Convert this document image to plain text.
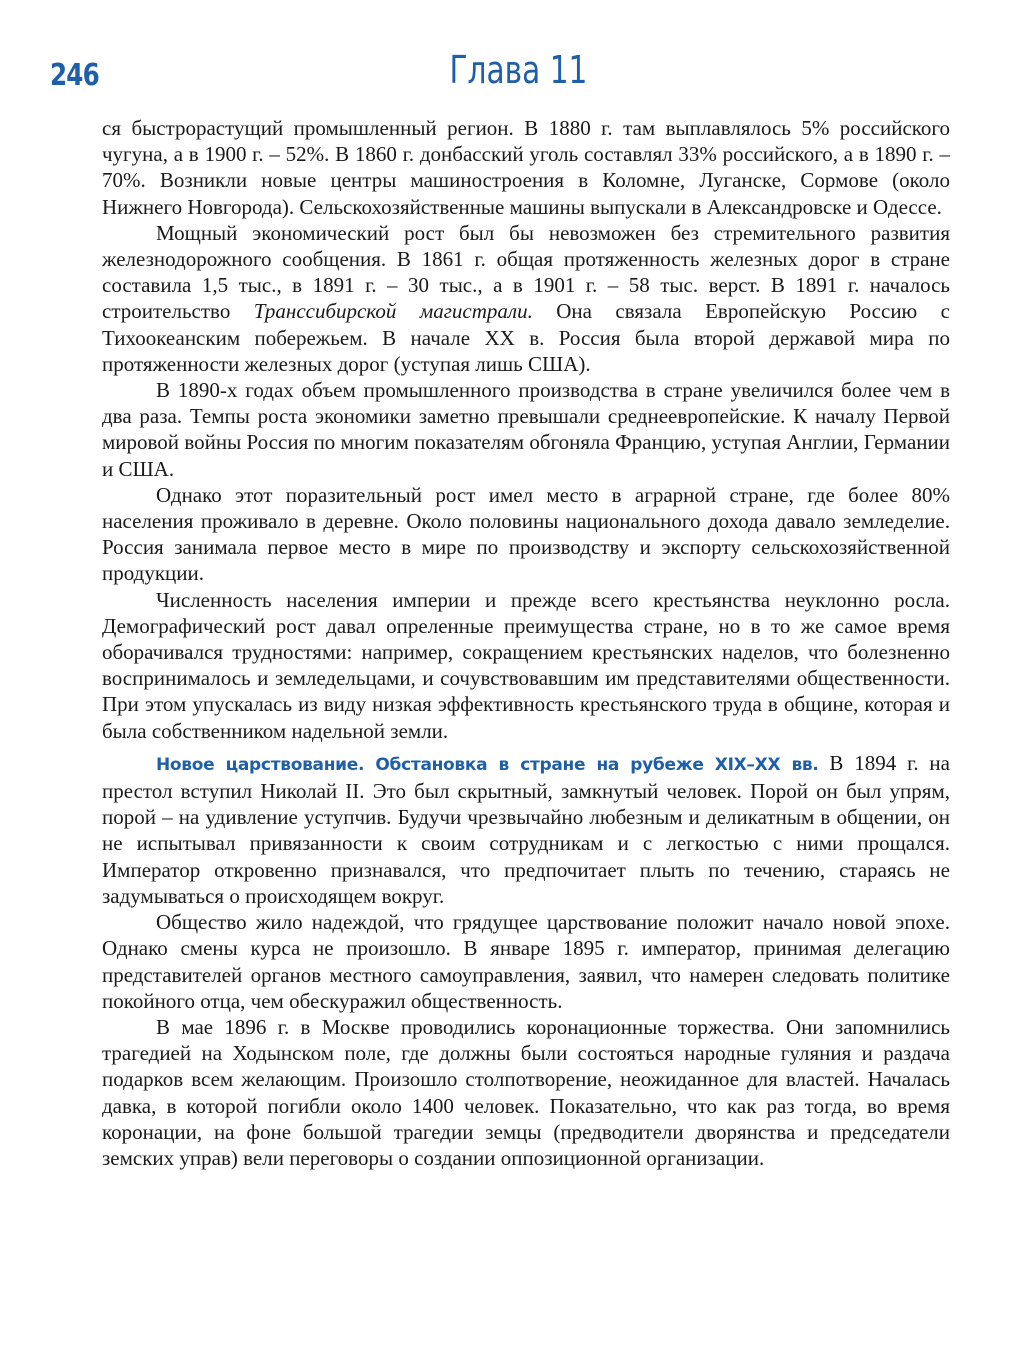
246	Глава 11

ся быстрорастущий промышленный регион. В 1880 г. там выплавлялось 5% российского чугуна, а в 1900 г. – 52%. В 1860 г. донбасский уголь составлял 33% российского, а в 1890 г. – 70%. Возникли новые центры машиностроения в Коломне, Луганске, Сормове (около Нижнего Новгорода). Сельскохозяйственные машины выпускали в Александровске и Одессе.

Мощный экономический рост был бы невозможен без стремительного развития железнодорожного сообщения. В 1861 г. общая протяженность железных дорог в стране составила 1,5 тыс., в 1891 г. – 30 тыс., а в 1901 г. – 58 тыс. верст. В 1891 г. началось строительство Транссибирской магистрали. Она связала Европейскую Россию с Тихоокеанским побережьем. В начале ХХ в. Россия была второй державой мира по протяженности железных дорог (уступая лишь США).

В 1890-х годах объем промышленного производства в стране увеличился более чем в два раза. Темпы роста экономики заметно превышали среднеевропейские. К началу Первой мировой войны Россия по многим показателям обгоняла Францию, уступая Англии, Германии и США.

Однако этот поразительный рост имел место в аграрной стране, где более 80% населения проживало в деревне. Около половины национального дохода давало земледелие. Россия занимала первое место в мире по производству и экспорту сельскохозяйственной продукции.

Численность населения империи и прежде всего крестьянства неуклонно росла. Демографический рост давал опреленные преимущества стране, но в то же самое время оборачивался трудностями: например, сокращением крестьянских наделов, что болезненно воспринималось и земледельцами, и сочувствовавшим им представителями общественности. При этом упускалась из виду низкая эффективность крестьянского труда в общине, которая и была собственником надельной земли.

Новое царствование. Обстановка в стране на рубеже XIX–XX вв. В 1894 г. на престол вступил Николай II. Это был скрытный, замкнутый человек. Порой он был упрям, порой – на удивление уступчив. Будучи чрезвычайно любезным и деликатным в общении, он не испытывал привязанности к своим сотрудникам и с легкостью с ними прощался. Император откровенно признавался, что предпочитает плыть по течению, стараясь не задумываться о происходящем вокруг.

Общество жило надеждой, что грядущее царствование положит начало новой эпохе. Однако смены курса не произошло. В январе 1895 г. император, принимая делегацию представителей органов местного самоуправления, заявил, что намерен следовать политике покойного отца, чем обескуражил общественность.

В мае 1896 г. в Москве проводились коронационные торжества. Они запомнились трагедией на Ходынском поле, где должны были состояться народные гуляния и раздача подарков всем желающим. Произошло столпотворение, неожиданное для властей. Началась давка, в которой погибли около 1400 человек. Показательно, что как раз тогда, во время коронации, на фоне большой трагедии земцы (предводители дворянства и председатели земских управ) вели переговоры о создании оппозиционной организации.
